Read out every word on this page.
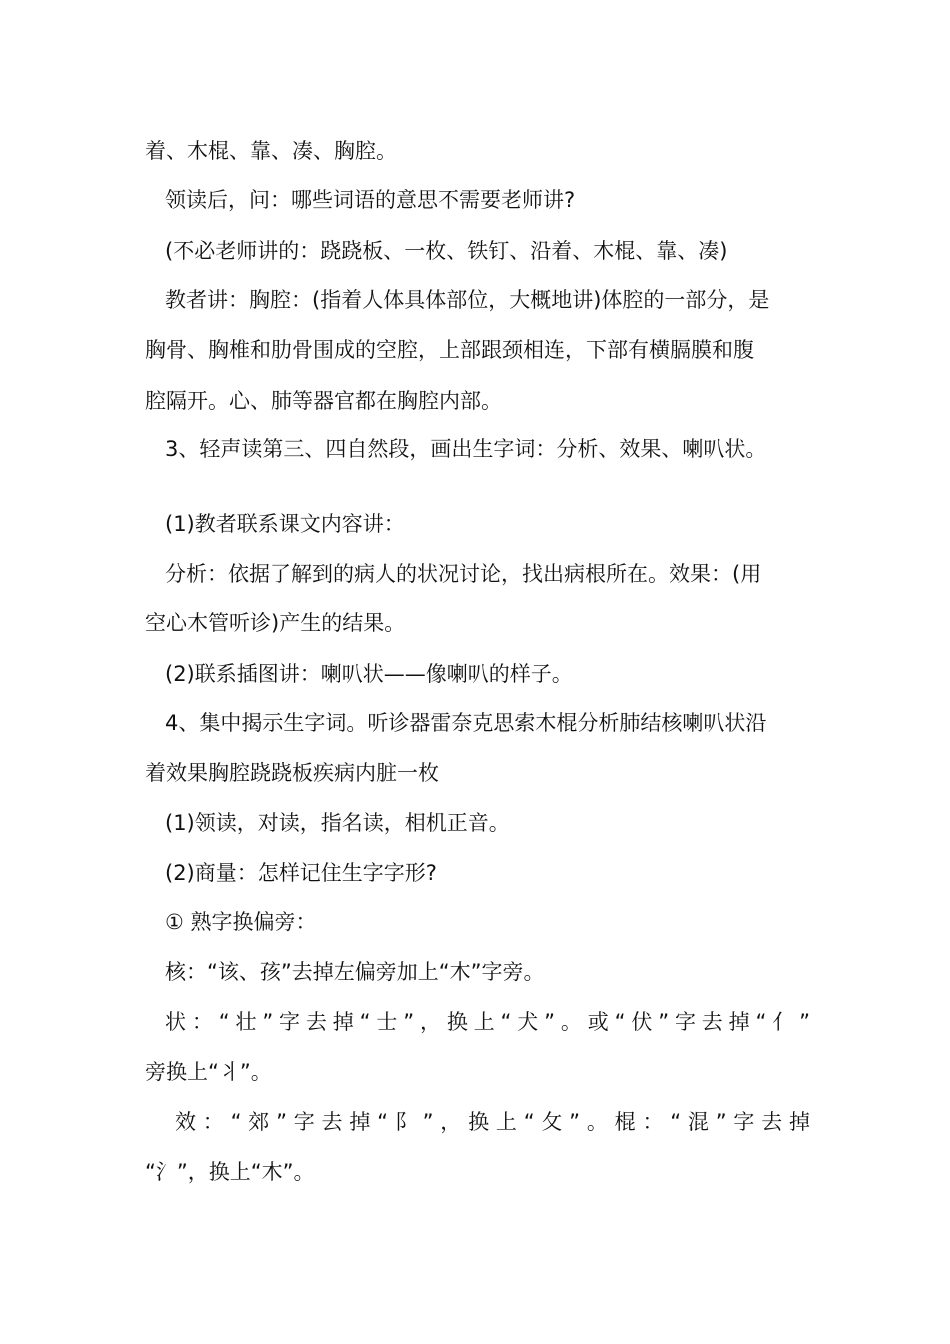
着、木棍、靠、凑、胸腔。
领读后，问：哪些词语的意思不需要老师讲?
(不必老师讲的：跷跷板、一枚、铁钉、沿着、木棍、靠、凑)
教者讲：胸腔：(指着人体具体部位，大概地讲)体腔的一部分，是
胸骨、胸椎和肋骨围成的空腔，上部跟颈相连，下部有横膈膜和腹
腔隔开。心、肺等器官都在胸腔内部。
3、轻声读第三、四自然段，画出生字词：分析、效果、喇叭状。
(1)教者联系课文内容讲：
分析：依据了解到的病人的状况讨论，找出病根所在。效果：(用
空心木管听诊)产生的结果。
(2)联系插图讲：喇叭状——像喇叭的样子。
4、集中揭示生字词。听诊器雷奈克思索木棍分析肺结核喇叭状沿
着效果胸腔跷跷板疾病内脏一枚
(1)领读，对读，指名读，相机正音。
(2)商量：怎样记住生字字形?
① 熟字换偏旁：
核：“该、孩”去掉左偏旁加上“木”字旁。
状：“壮”字去掉“士”，换上“犬”。或“伏”字去掉“亻”
旁换上“丬”。
效：“郊”字去掉“阝”，换上“攵”。棍：“混”字去掉
“氵”，换上“木”。
